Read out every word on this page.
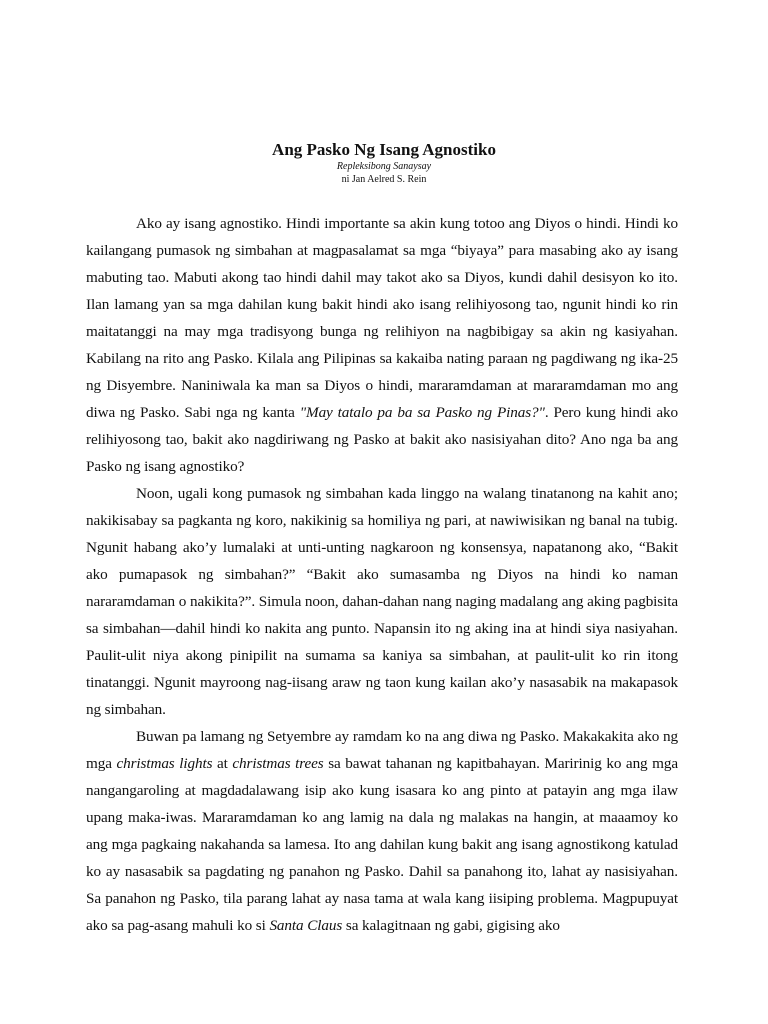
Ang Pasko Ng Isang Agnostiko

Repleksibong Sanaysay

ni Jan Aelred S. Rein

Ako ay isang agnostiko. Hindi importante sa akin kung totoo ang Diyos o hindi. Hindi ko kailangang pumasok ng simbahan at magpasalamat sa mga “biyaya” para masabing ako ay isang mabuting tao. Mabuti akong tao hindi dahil may takot ako sa Diyos, kundi dahil desisyon ko ito. Ilan lamang yan sa mga dahilan kung bakit hindi ako isang relihiyosong tao, ngunit hindi ko rin maitatanggi na may mga tradisyong bunga ng relihiyon na nagbibigay sa akin ng kasiyahan. Kabilang na rito ang Pasko. Kilala ang Pilipinas sa kakaiba nating paraan ng pagdiwang ng ika-25 ng Disyembre. Naniniwala ka man sa Diyos o hindi, mararamdaman at mararamdaman mo ang diwa ng Pasko. Sabi nga ng kanta "May tatalo pa ba sa Pasko ng Pinas?". Pero kung hindi ako relihiyosong tao, bakit ako nagdiriwang ng Pasko at bakit ako nasisiyahan dito? Ano nga ba ang Pasko ng isang agnostiko?

Noon, ugali kong pumasok ng simbahan kada linggo na walang tinatanong na kahit ano; nakikisabay sa pagkanta ng koro, nakikinig sa homiliya ng pari, at nawiwisikan ng banal na tubig. Ngunit habang ako’y lumalaki at unti-unting nagkaroon ng konsensya, napatanong ako, “Bakit ako pumapasok ng simbahan?” “Bakit ako sumasamba ng Diyos na hindi ko naman nararamdaman o nakikita?”. Simula noon, dahan-dahan nang naging madalang ang aking pagbisita sa simbahan—dahil hindi ko nakita ang punto. Napansin ito ng aking ina at hindi siya nasiyahan. Paulit-ulit niya akong pinipilit na sumama sa kaniya sa simbahan, at paulit-ulit ko rin itong tinatanggi. Ngunit mayroong nag-iisang araw ng taon kung kailan ako’y nasasabik na makapasok ng simbahan.

Buwan pa lamang ng Setyembre ay ramdam ko na ang diwa ng Pasko. Makakakita ako ng mga christmas lights at christmas trees sa bawat tahanan ng kapitbahayan. Maririnig ko ang mga nangangaroling at magdadalawang isip ako kung isasara ko ang pinto at patayin ang mga ilaw upang maka-iwas. Mararamdaman ko ang lamig na dala ng malakas na hangin, at maaamoy ko ang mga pagkaing nakahanda sa lamesa. Ito ang dahilan kung bakit ang isang agnostikong katulad ko ay nasasabik sa pagdating ng panahon ng Pasko. Dahil sa panahong ito, lahat ay nasisiyahan. Sa panahon ng Pasko, tila parang lahat ay nasa tama at wala kang iisiping problema. Magpupuyat ako sa pag-asang mahuli ko si Santa Claus sa kalagitnaan ng gabi, gigising ako
